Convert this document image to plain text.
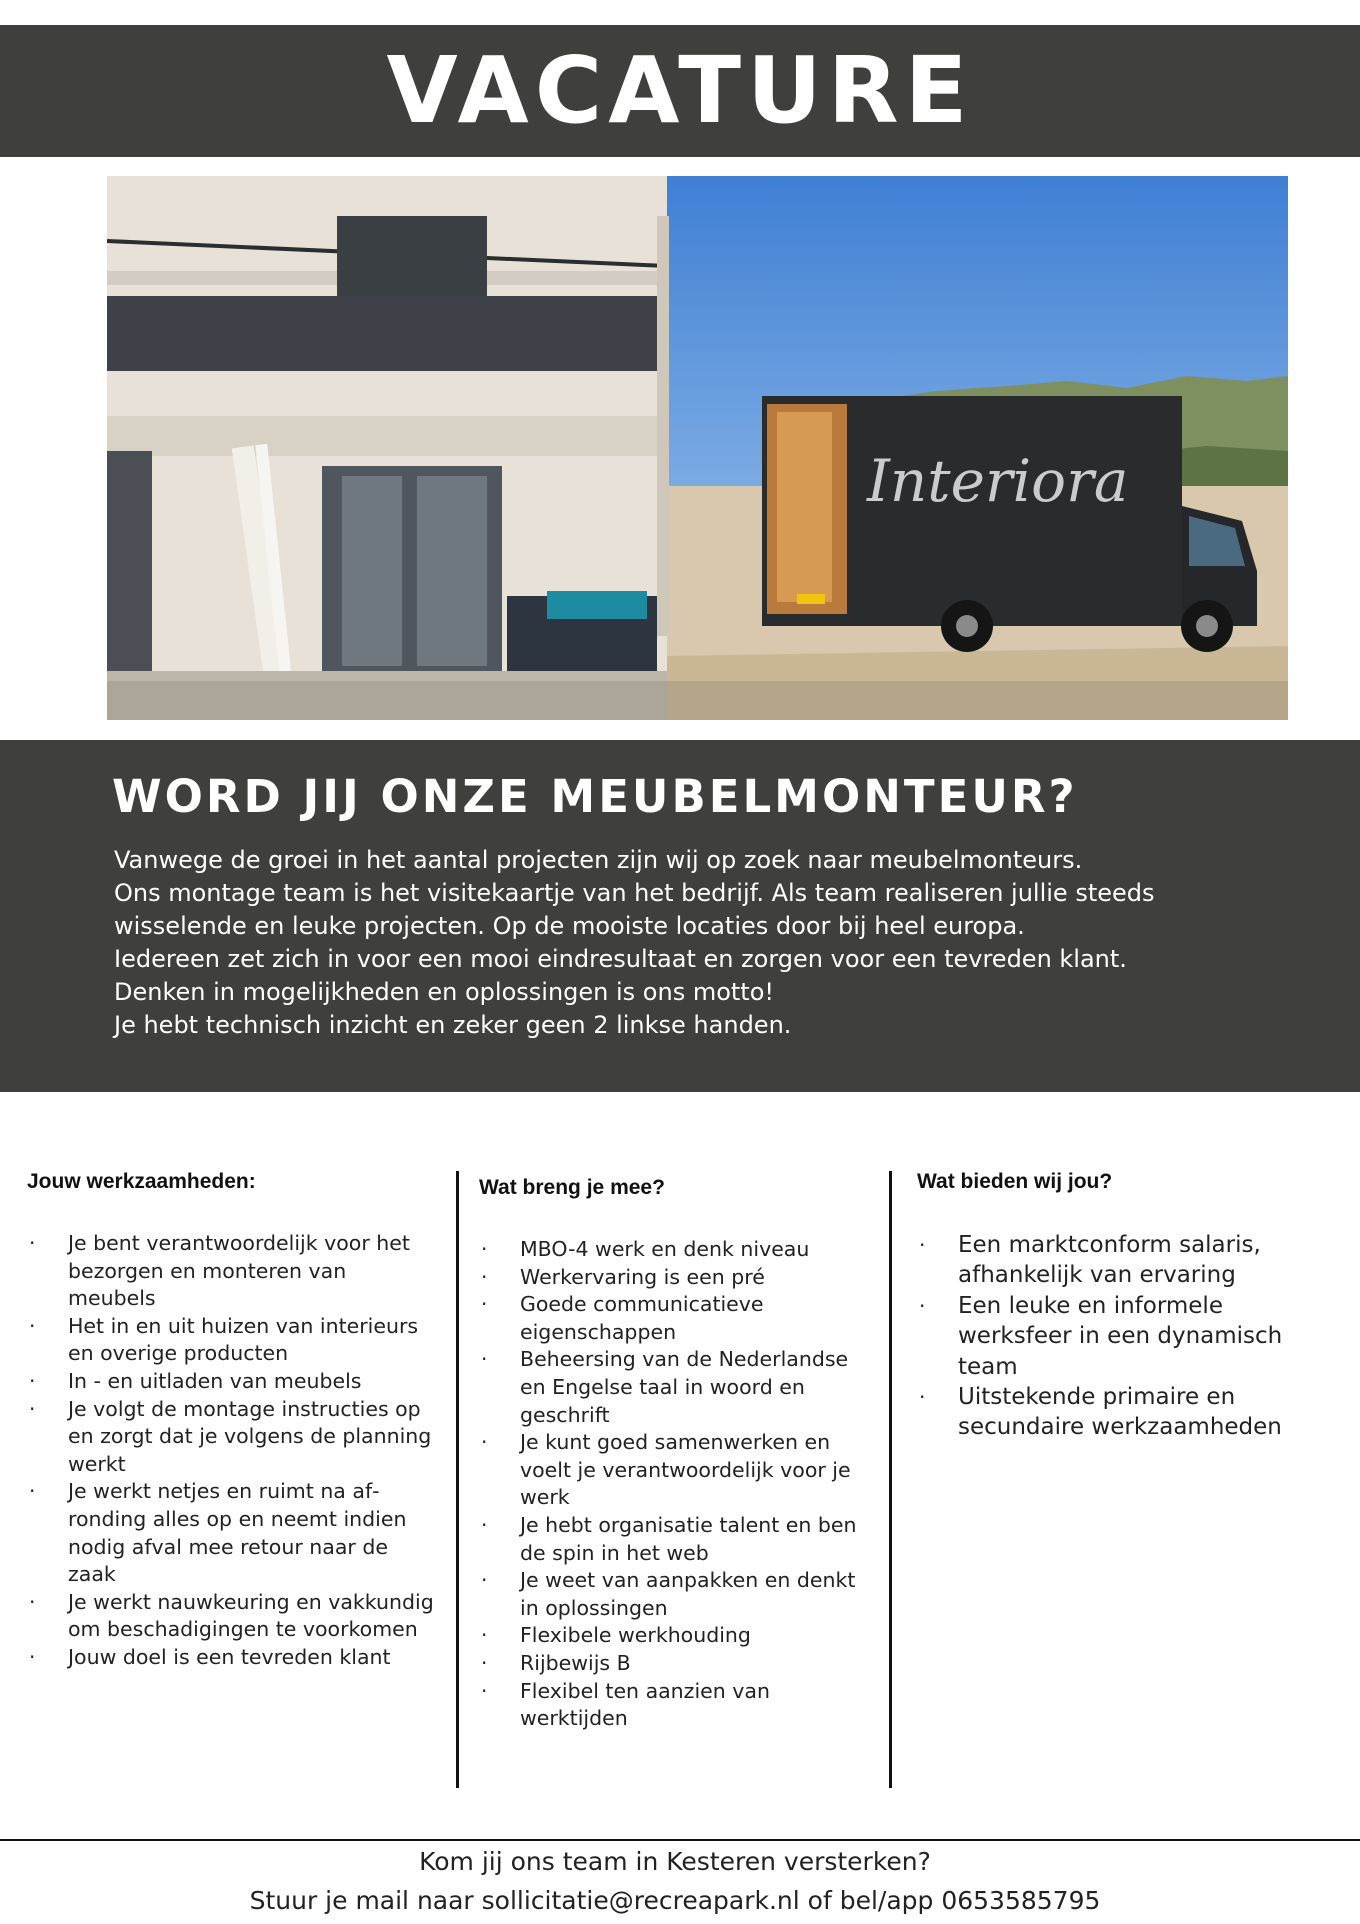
VACATURE
Interiora
WORD JIJ ONZE MEUBELMONTEUR?
Vanwege de groei in het aantal projecten zijn wij op zoek naar meubelmonteurs.
Ons montage team is het visitekaartje van het bedrijf. Als team realiseren jullie steeds
wisselende en leuke projecten. Op de mooiste locaties door bij heel europa.
Iedereen zet zich in voor een mooi eindresultaat en zorgen voor een tevreden klant.
Denken in mogelijkheden en oplossingen is ons motto!
Je hebt technisch inzicht en zeker geen 2 linkse handen.
Jouw werkzaamheden:
· Je bent verantwoordelijk voor het bezorgen en monteren van meubels
· Het in en uit huizen van interieurs en overige producten
· In - en uitladen van meubels
· Je volgt de montage instructies op en zorgt dat je volgens de planning werkt
· Je werkt netjes en ruimt na afronding alles op en neemt indien nodig afval mee retour naar de zaak
· Je werkt nauwkeuring en vakkundig om beschadigingen te voorkomen
· Jouw doel is een tevreden klant
Wat breng je mee?
· MBO-4 werk en denk niveau
· Werkervaring is een pré
· Goede communicatieve eigenschappen
· Beheersing van de Nederlandse en Engelse taal in woord en geschrift
· Je kunt goed samenwerken en voelt je verantwoordelijk voor je werk
· Je hebt organisatie talent en ben de spin in het web
· Je weet van aanpakken en denkt in oplossingen
· Flexibele werkhouding
· Rijbewijs B
· Flexibel ten aanzien van werktijden
Wat bieden wij jou?
· Een marktconform salaris, afhankelijk van ervaring
· Een leuke en informele werksfeer in een dynamisch team
· Uitstekende primaire en secundaire werkzaamheden
Kom jij ons team in Kesteren versterken?
Stuur je mail naar sollicitatie@recreapark.nl of bel/app 0653585795
